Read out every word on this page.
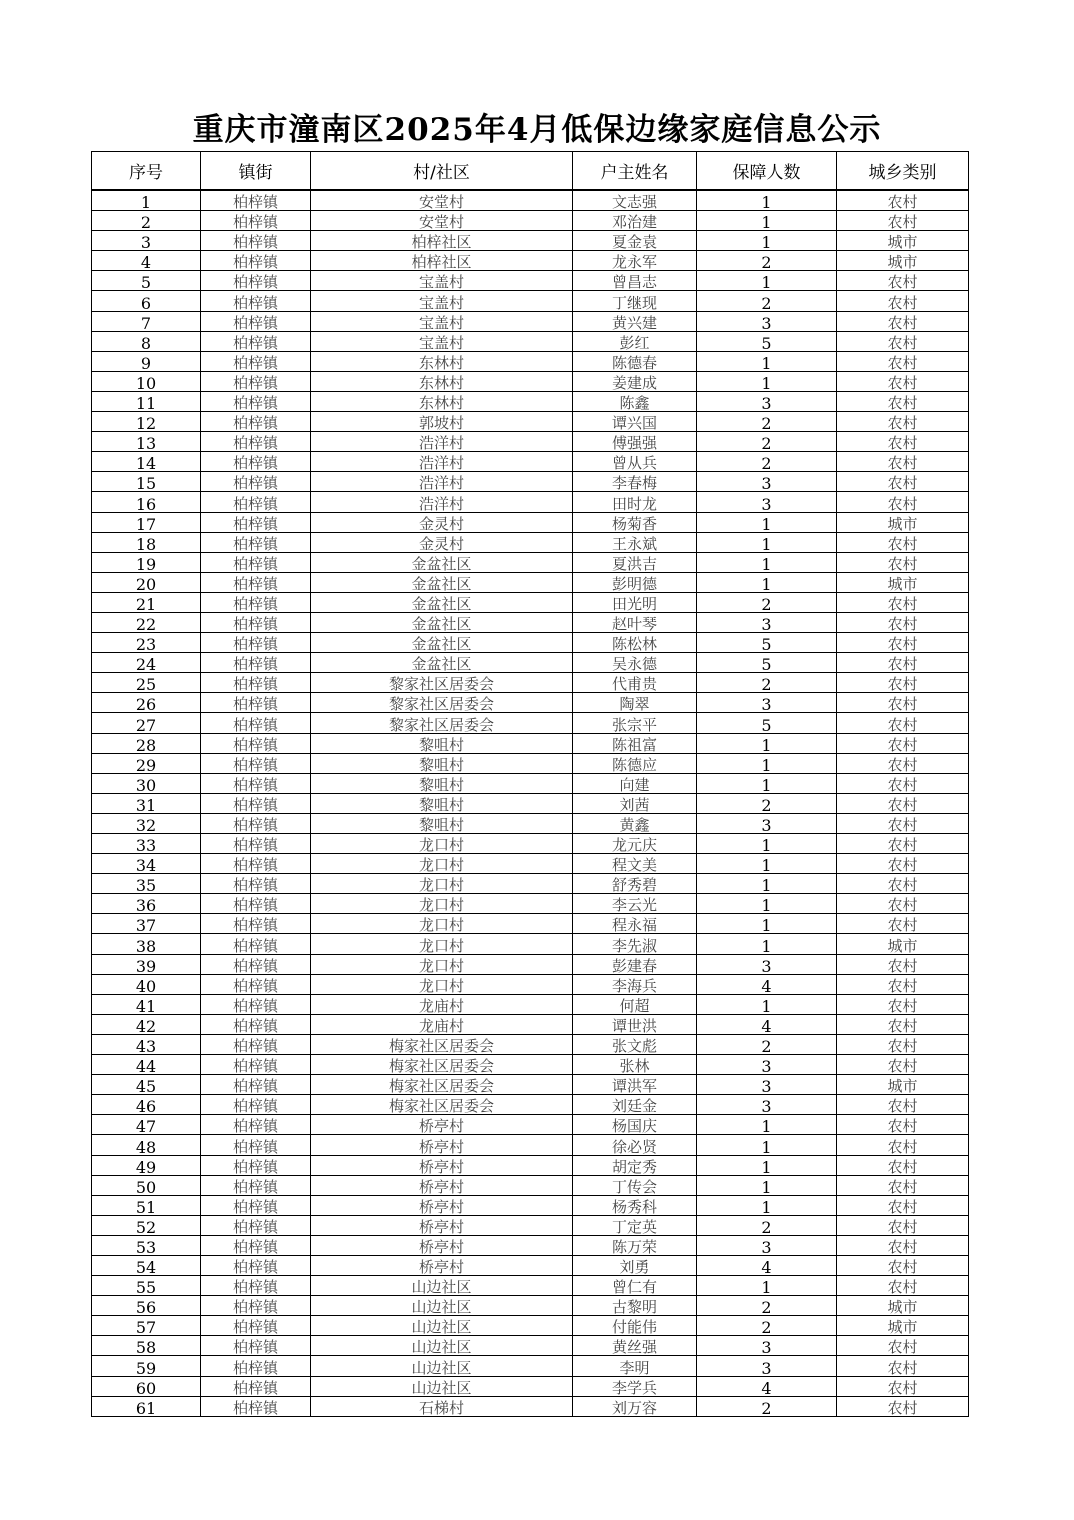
重庆市潼南区2025年4月低保边缘家庭信息公示
序号	镇街	村/社区	户主姓名	保障人数	城乡类别
1	柏梓镇	安堂村	文志强	1	农村
2	柏梓镇	安堂村	邓治建	1	农村
3	柏梓镇	柏梓社区	夏金袁	1	城市
4	柏梓镇	柏梓社区	龙永军	2	城市
5	柏梓镇	宝盖村	曾昌志	1	农村
6	柏梓镇	宝盖村	丁继现	2	农村
7	柏梓镇	宝盖村	黄兴建	3	农村
8	柏梓镇	宝盖村	彭红	5	农村
9	柏梓镇	东林村	陈德春	1	农村
10	柏梓镇	东林村	姜建成	1	农村
11	柏梓镇	东林村	陈鑫	3	农村
12	柏梓镇	郭坡村	谭兴国	2	农村
13	柏梓镇	浩洋村	傅强强	2	农村
14	柏梓镇	浩洋村	曾从兵	2	农村
15	柏梓镇	浩洋村	李春梅	3	农村
16	柏梓镇	浩洋村	田时龙	3	农村
17	柏梓镇	金灵村	杨菊香	1	城市
18	柏梓镇	金灵村	王永斌	1	农村
19	柏梓镇	金盆社区	夏洪吉	1	农村
20	柏梓镇	金盆社区	彭明德	1	城市
21	柏梓镇	金盆社区	田光明	2	农村
22	柏梓镇	金盆社区	赵叶琴	3	农村
23	柏梓镇	金盆社区	陈松林	5	农村
24	柏梓镇	金盆社区	吴永德	5	农村
25	柏梓镇	黎家社区居委会	代甫贵	2	农村
26	柏梓镇	黎家社区居委会	陶翠	3	农村
27	柏梓镇	黎家社区居委会	张宗平	5	农村
28	柏梓镇	黎咀村	陈祖富	1	农村
29	柏梓镇	黎咀村	陈德应	1	农村
30	柏梓镇	黎咀村	向建	1	农村
31	柏梓镇	黎咀村	刘茜	2	农村
32	柏梓镇	黎咀村	黄鑫	3	农村
33	柏梓镇	龙口村	龙元庆	1	农村
34	柏梓镇	龙口村	程文美	1	农村
35	柏梓镇	龙口村	舒秀碧	1	农村
36	柏梓镇	龙口村	李云光	1	农村
37	柏梓镇	龙口村	程永福	1	农村
38	柏梓镇	龙口村	李先淑	1	城市
39	柏梓镇	龙口村	彭建春	3	农村
40	柏梓镇	龙口村	李海兵	4	农村
41	柏梓镇	龙庙村	何超	1	农村
42	柏梓镇	龙庙村	谭世洪	4	农村
43	柏梓镇	梅家社区居委会	张文彪	2	农村
44	柏梓镇	梅家社区居委会	张林	3	农村
45	柏梓镇	梅家社区居委会	谭洪军	3	城市
46	柏梓镇	梅家社区居委会	刘廷金	3	农村
47	柏梓镇	桥亭村	杨国庆	1	农村
48	柏梓镇	桥亭村	徐必贤	1	农村
49	柏梓镇	桥亭村	胡定秀	1	农村
50	柏梓镇	桥亭村	丁传会	1	农村
51	柏梓镇	桥亭村	杨秀科	1	农村
52	柏梓镇	桥亭村	丁定英	2	农村
53	柏梓镇	桥亭村	陈万荣	3	农村
54	柏梓镇	桥亭村	刘勇	4	农村
55	柏梓镇	山边社区	曾仁有	1	农村
56	柏梓镇	山边社区	古黎明	2	城市
57	柏梓镇	山边社区	付能伟	2	城市
58	柏梓镇	山边社区	黄丝强	3	农村
59	柏梓镇	山边社区	李明	3	农村
60	柏梓镇	山边社区	李学兵	4	农村
61	柏梓镇	石梯村	刘万容	2	农村
